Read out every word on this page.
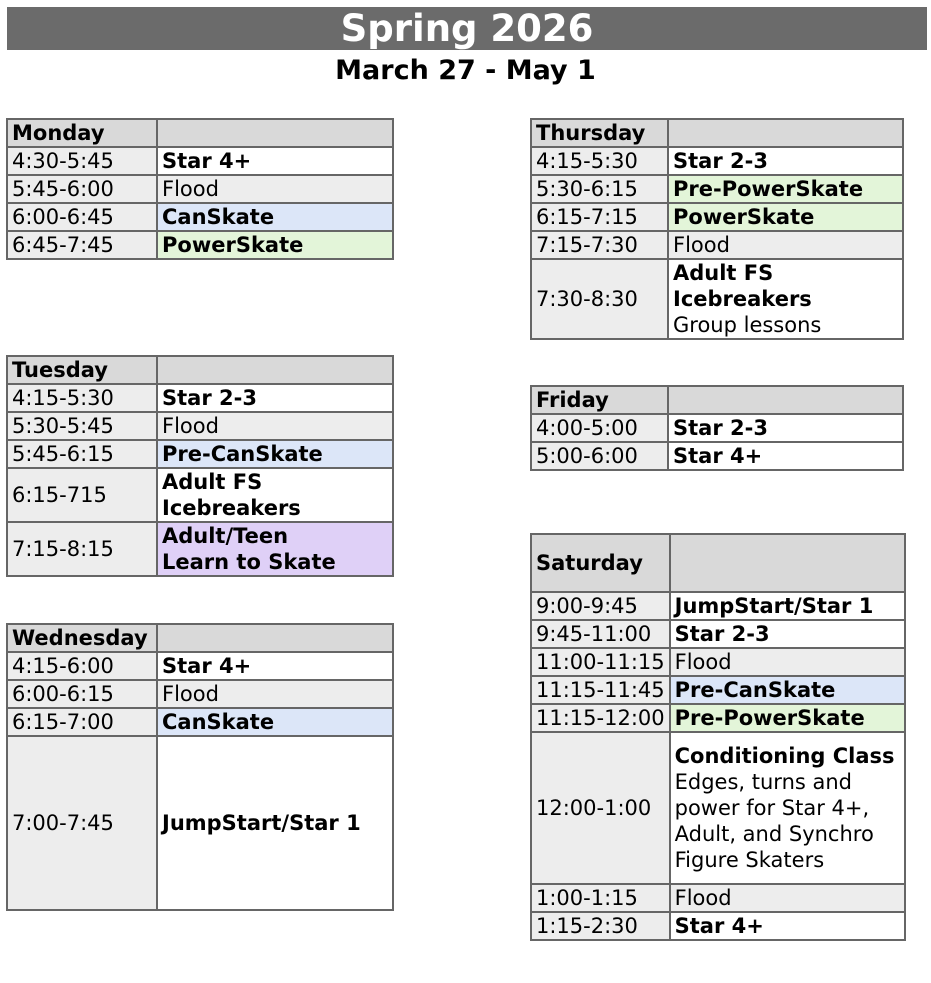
Spring 2026
March 27 - May 1
Monday	
4:30-5:45	Star 4+
5:45-6:00	Flood
6:00-6:45	CanSkate
6:45-7:45	PowerSkate
Tuesday	
4:15-5:30	Star 2-3
5:30-5:45	Flood
5:45-6:15	Pre-CanSkate
6:15-715	Adult FS
Icebreakers

7:15-8:15	Adult/Teen
Learn to Skate
Wednesday	
4:15-6:00	Star 4+
6:00-6:15	Flood
6:15-7:00	CanSkate
7:00-7:45	JumpStart/Star 1
Thursday	
4:15-5:30	Star 2-3
5:30-6:15	Pre-PowerSkate
6:15-7:15	PowerSkate
7:15-7:30	Flood
7:30-8:30	Adult FS
Icebreakers
Group lessons
Friday	
4:00-5:00	Star 2-3
5:00-6:00	Star 4+
Saturday	
9:00-9:45	JumpStart/Star 1
9:45-11:00	Star 2-3
11:00-11:15	Flood
11:15-11:45	Pre-CanSkate
11:15-12:00	Pre-PowerSkate
12:00-1:00	Conditioning Class
Edges, turns and
power for Star 4+,
Adult, and Synchro
Figure Skaters

1:00-1:15	Flood
1:15-2:30	Star 4+
